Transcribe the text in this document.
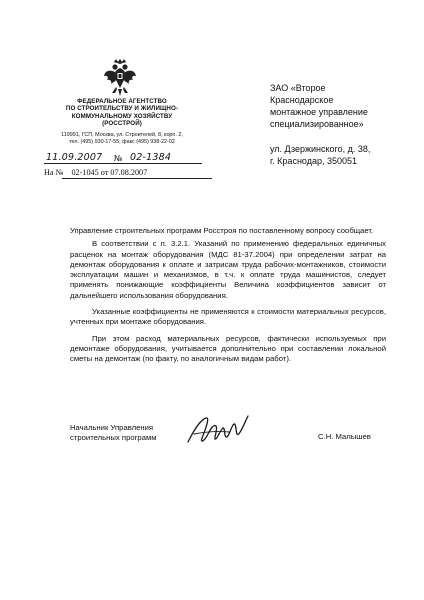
ФЕДЕРАЛЬНОЕ АГЕНТСТВО
ПО СТРОИТЕЛЬСТВУ И ЖИЛИЩНО-
КОММУНАЛЬНОМУ ХОЗЯЙСТВУ
(РОССТРОЙ)
119991, ГСП, Москва, ул. Строителей, 8, корп. 2,
тел. (495) 930-17-55; факс (495) 938-22-02
11.09.2007 № 02-1384
На № 02-1045 от 07.08.2007
ЗАО «Второе
Краснодарское
монтажное управление
специализированное»
ул. Дзержинского, д. 38,
г. Краснодар, 350051

Управление строительных программ Росстроя по поставленному вопросу сообщает.

В соответствии с п. 3.2.1. Указаний по применению федеральных единичных расценок на монтаж оборудования (МДС 81-37.2004) при определении затрат на демонтаж оборудования к оплате и затрисам труда рабочих-монтажников, стоимости эксплуатации машин и механизмов, в т.ч. к оплате труда машинистов, следует применять понижающие коэффициенты Величина коэффициентов зависит от дальнейшего использования оборудования.

Указанные коэффициенты не применяются к стоимости материальных ресурсов, учтенных при монтаже оборудования.

При этом расход материальных ресурсов, фактически используемых при демонтаже оборудования, учитывается дополнительно при составлении локальной сметы на демонтаж (по факту, по аналогичным видам работ).

Начальник Управления
строительных программ	С.Н. Малышев
